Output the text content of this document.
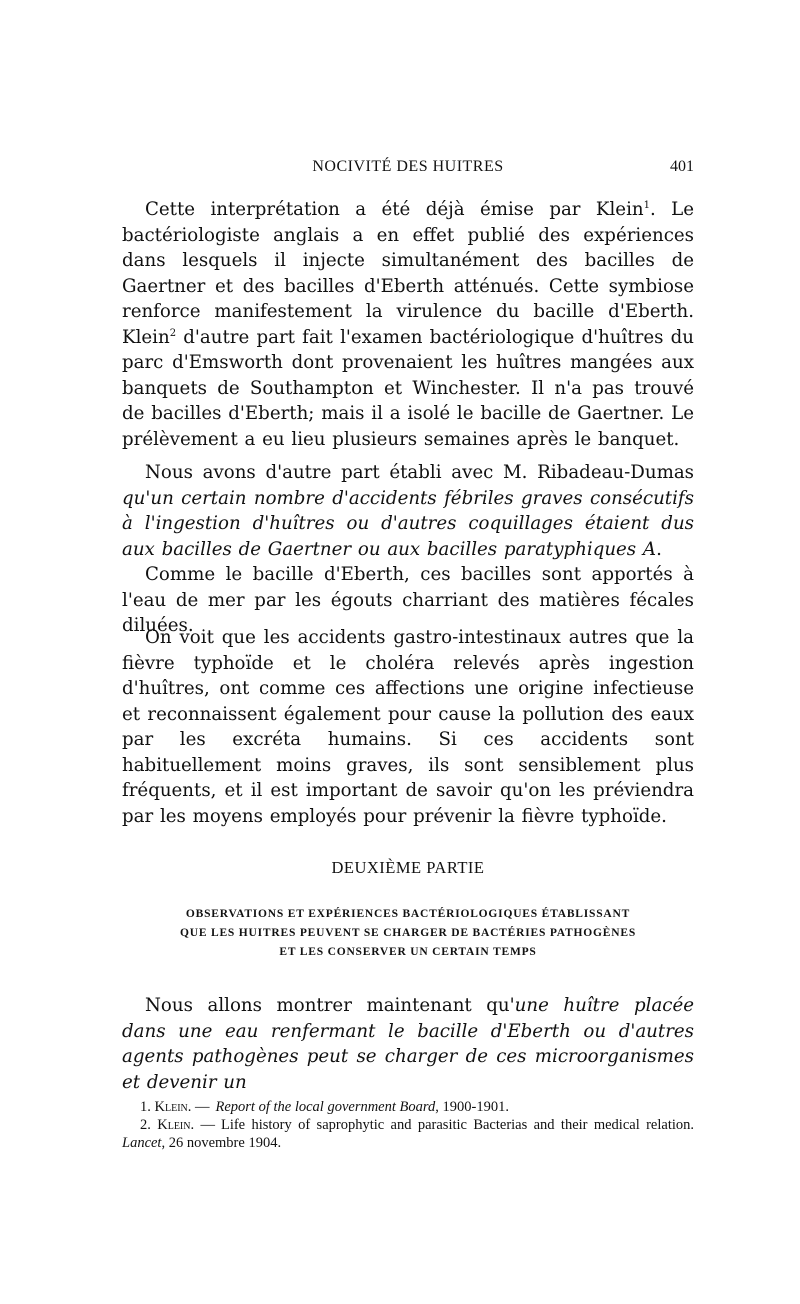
NOCIVITÉ DES HUITRES	401

Cette interprétation a été déjà émise par Klein$^1$. Le bactériologiste anglais a en effet publié des expériences dans lesquels il injecte simultanément des bacilles de Gaertner et des bacilles d'Eberth atténués. Cette symbiose renforce manifestement la virulence du bacille d'Eberth. Klein$^2$ d'autre part fait l'examen bactériologique d'huîtres du parc d'Emsworth dont provenaient les huîtres mangées aux banquets de Southampton et Winchester. Il n'a pas trouvé de bacilles d'Eberth; mais il a isolé le bacille de Gaertner. Le prélèvement a eu lieu plusieurs semaines après le banquet.

Nous avons d'autre part établi avec M. Ribadeau-Dumas qu'un certain nombre d'accidents fébriles graves consécutifs à l'ingestion d'huîtres ou d'autres coquillages étaient dus aux bacilles de Gaertner ou aux bacilles paratyphiques A.

Comme le bacille d'Eberth, ces bacilles sont apportés à l'eau de mer par les égouts charriant des matières fécales diluées.

On voit que les accidents gastro-intestinaux autres que la fièvre typhoïde et le choléra relevés après ingestion d'huîtres, ont comme ces affections une origine infectieuse et reconnaissent également pour cause la pollution des eaux par les excréta humains. Si ces accidents sont habituellement moins graves, ils sont sensiblement plus fréquents, et il est important de savoir qu'on les préviendra par les moyens employés pour prévenir la fièvre typhoïde.

DEUXIÈME PARTIE
OBSERVATIONS ET EXPÉRIENCES BACTÉRIOLOGIQUES ÉTABLISSANT
QUE LES HUITRES PEUVENT SE CHARGER DE BACTÉRIES PATHOGÈNES
ET LES CONSERVER UN CERTAIN TEMPS

Nous allons montrer maintenant qu'une huître placée dans une eau renfermant le bacille d'Eberth ou d'autres agents pathogènes peut se charger de ces microorganismes et devenir un

1. Klein. — Report of the local government Board, 1900-1901.

2. Klein. — Life history of saprophytic and parasitic Bacterias and their medical relation. Lancet, 26 novembre 1904.
